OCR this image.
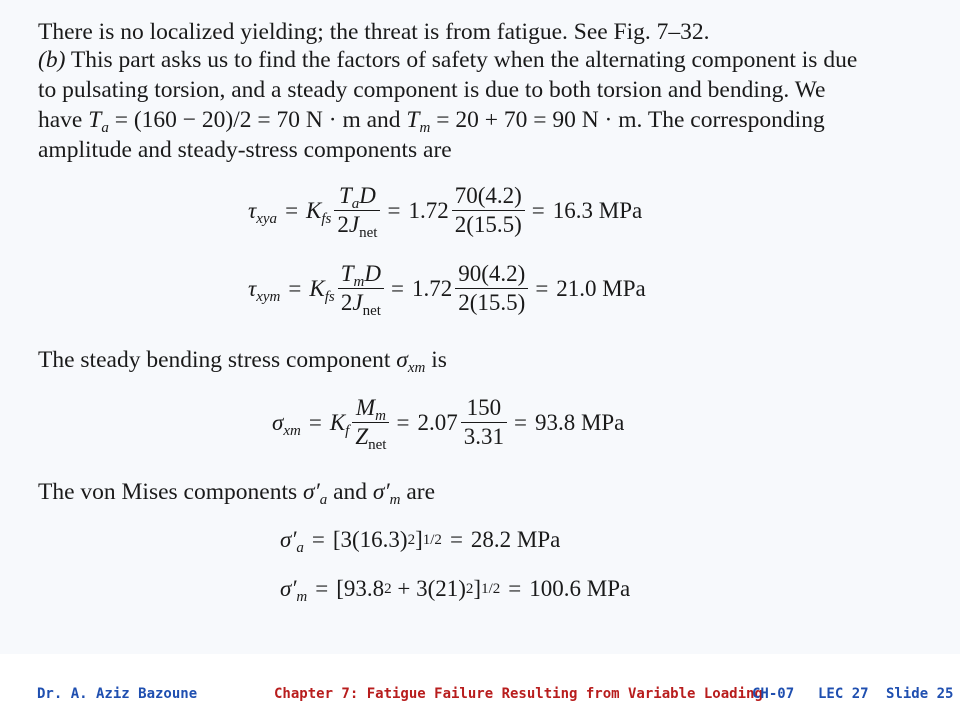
There is no localized yielding; the threat is from fatigue. See Fig. 7–32.
(b) This part asks us to find the factors of safety when the alternating component is due
to pulsating torsion, and a steady component is due to both torsion and bending. We
have $T_a = (160 - 20)/2 = 70$ N · m and $T_m = 20 + 70 = 90$ N · m. The corresponding
amplitude and steady-stress components are
$\tau_{xya} = K_{fs} \frac{T_aD}{2J_{net}} = 1.72 \frac{70(4.2)}{2(15.5)} = 16.3$ MPa
$\tau_{xym} = K_{fs} \frac{T_mD}{2J_{net}} = 1.72 \frac{90(4.2)}{2(15.5)} = 21.0$ MPa
The steady bending stress component $\sigma_{xm}$ is
$\sigma_{xm} = K_f \frac{M_m}{Z_{net}} = 2.07 \frac{150}{3.31} = 93.8$ MPa
The von Mises components $\sigma'_a$ and $\sigma'_m$ are
$\sigma'_a = [3(16.3)$ 2 ] 1/2 = 28.2 MPa
$\sigma'_m = [93.8$ 2 + 3(21) 2 ] 1/2 = 100.6 MPa
Dr. A. Aziz Bazoune	Chapter 7: Fatigue Failure Resulting from Variable Loading
CH-07 LEC 27 Slide 25
